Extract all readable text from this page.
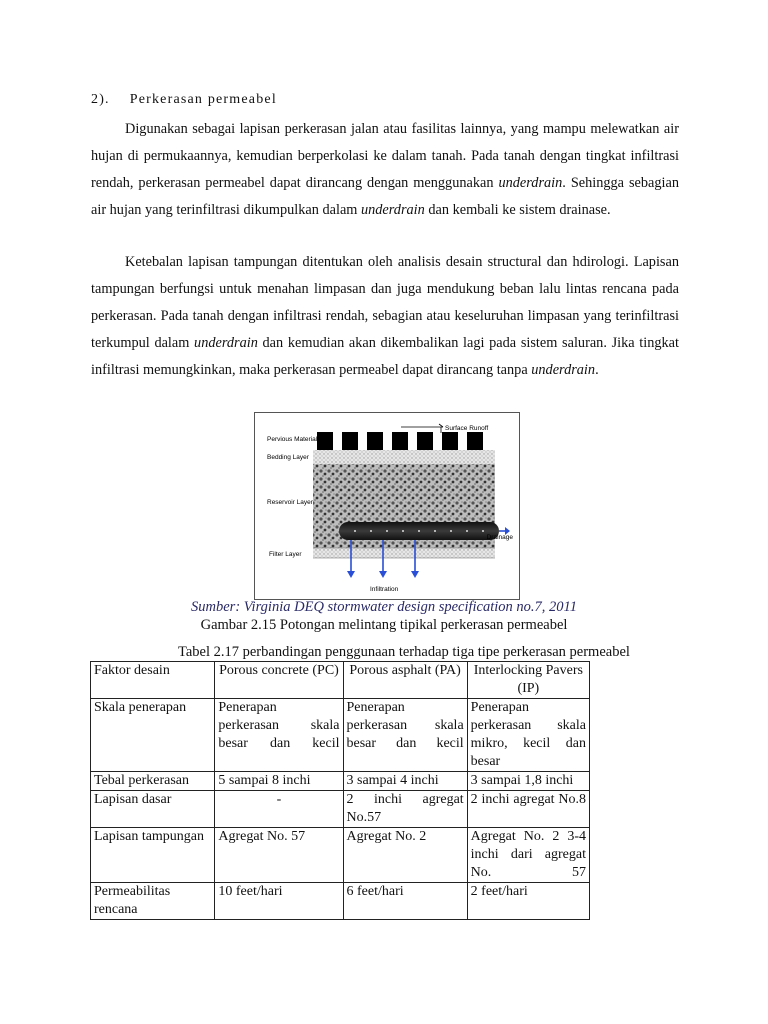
2). Perkerasan permeabel

Digunakan sebagai lapisan perkerasan jalan atau fasilitas lainnya, yang mampu melewatkan air hujan di permukaannya, kemudian berperkolasi ke dalam tanah. Pada tanah dengan tingkat infiltrasi rendah, perkerasan permeabel dapat dirancang dengan menggunakan underdrain. Sehingga sebagian air hujan yang terinfiltrasi dikumpulkan dalam underdrain dan kembali ke sistem drainase.

Ketebalan lapisan tampungan ditentukan oleh analisis desain structural dan hdirologi. Lapisan tampungan berfungsi untuk menahan limpasan dan juga mendukung beban lalu lintas rencana pada perkerasan. Pada tanah dengan infiltrasi rendah, sebagian atau keseluruhan limpasan yang terinfiltrasi terkumpul dalam underdrain dan kemudian akan dikembalikan lagi pada sistem saluran. Jika tingkat infiltrasi memungkinkan, maka perkerasan permeabel dapat dirancang tanpa underdrain.

Pervious Material
Bedding Layer
Reservoir Layer
Filter Layer
Surface Runoff
Drainage
Infiltration
Sumber: Virginia DEQ stormwater design specification no.7, 2011
Gambar 2.15 Potongan melintang tipikal perkerasan permeabel
Tabel 2.17 perbandingan penggunaan terhadap tiga tipe perkerasan permeabel
Faktor desain	Porous concrete (PC)	Porous asphalt (PA)	Interlocking Pavers (IP)
Skala penerapan	Penerapan perkerasan skala besar dan kecil	Penerapan perkerasan skala besar dan kecil	Penerapan perkerasan skala mikro, kecil dan besar
Tebal perkerasan	5 sampai 8 inchi	3 sampai 4 inchi	3 sampai 1,8 inchi
Lapisan dasar	-	2 inchi agregat No.57	2 inchi agregat No.8
Lapisan tampungan	Agregat No. 57	Agregat No. 2	Agregat No. 2 3-4 inchi dari agregat No. 57
Permeabilitas rencana	10 feet/hari	6 feet/hari	2 feet/hari
